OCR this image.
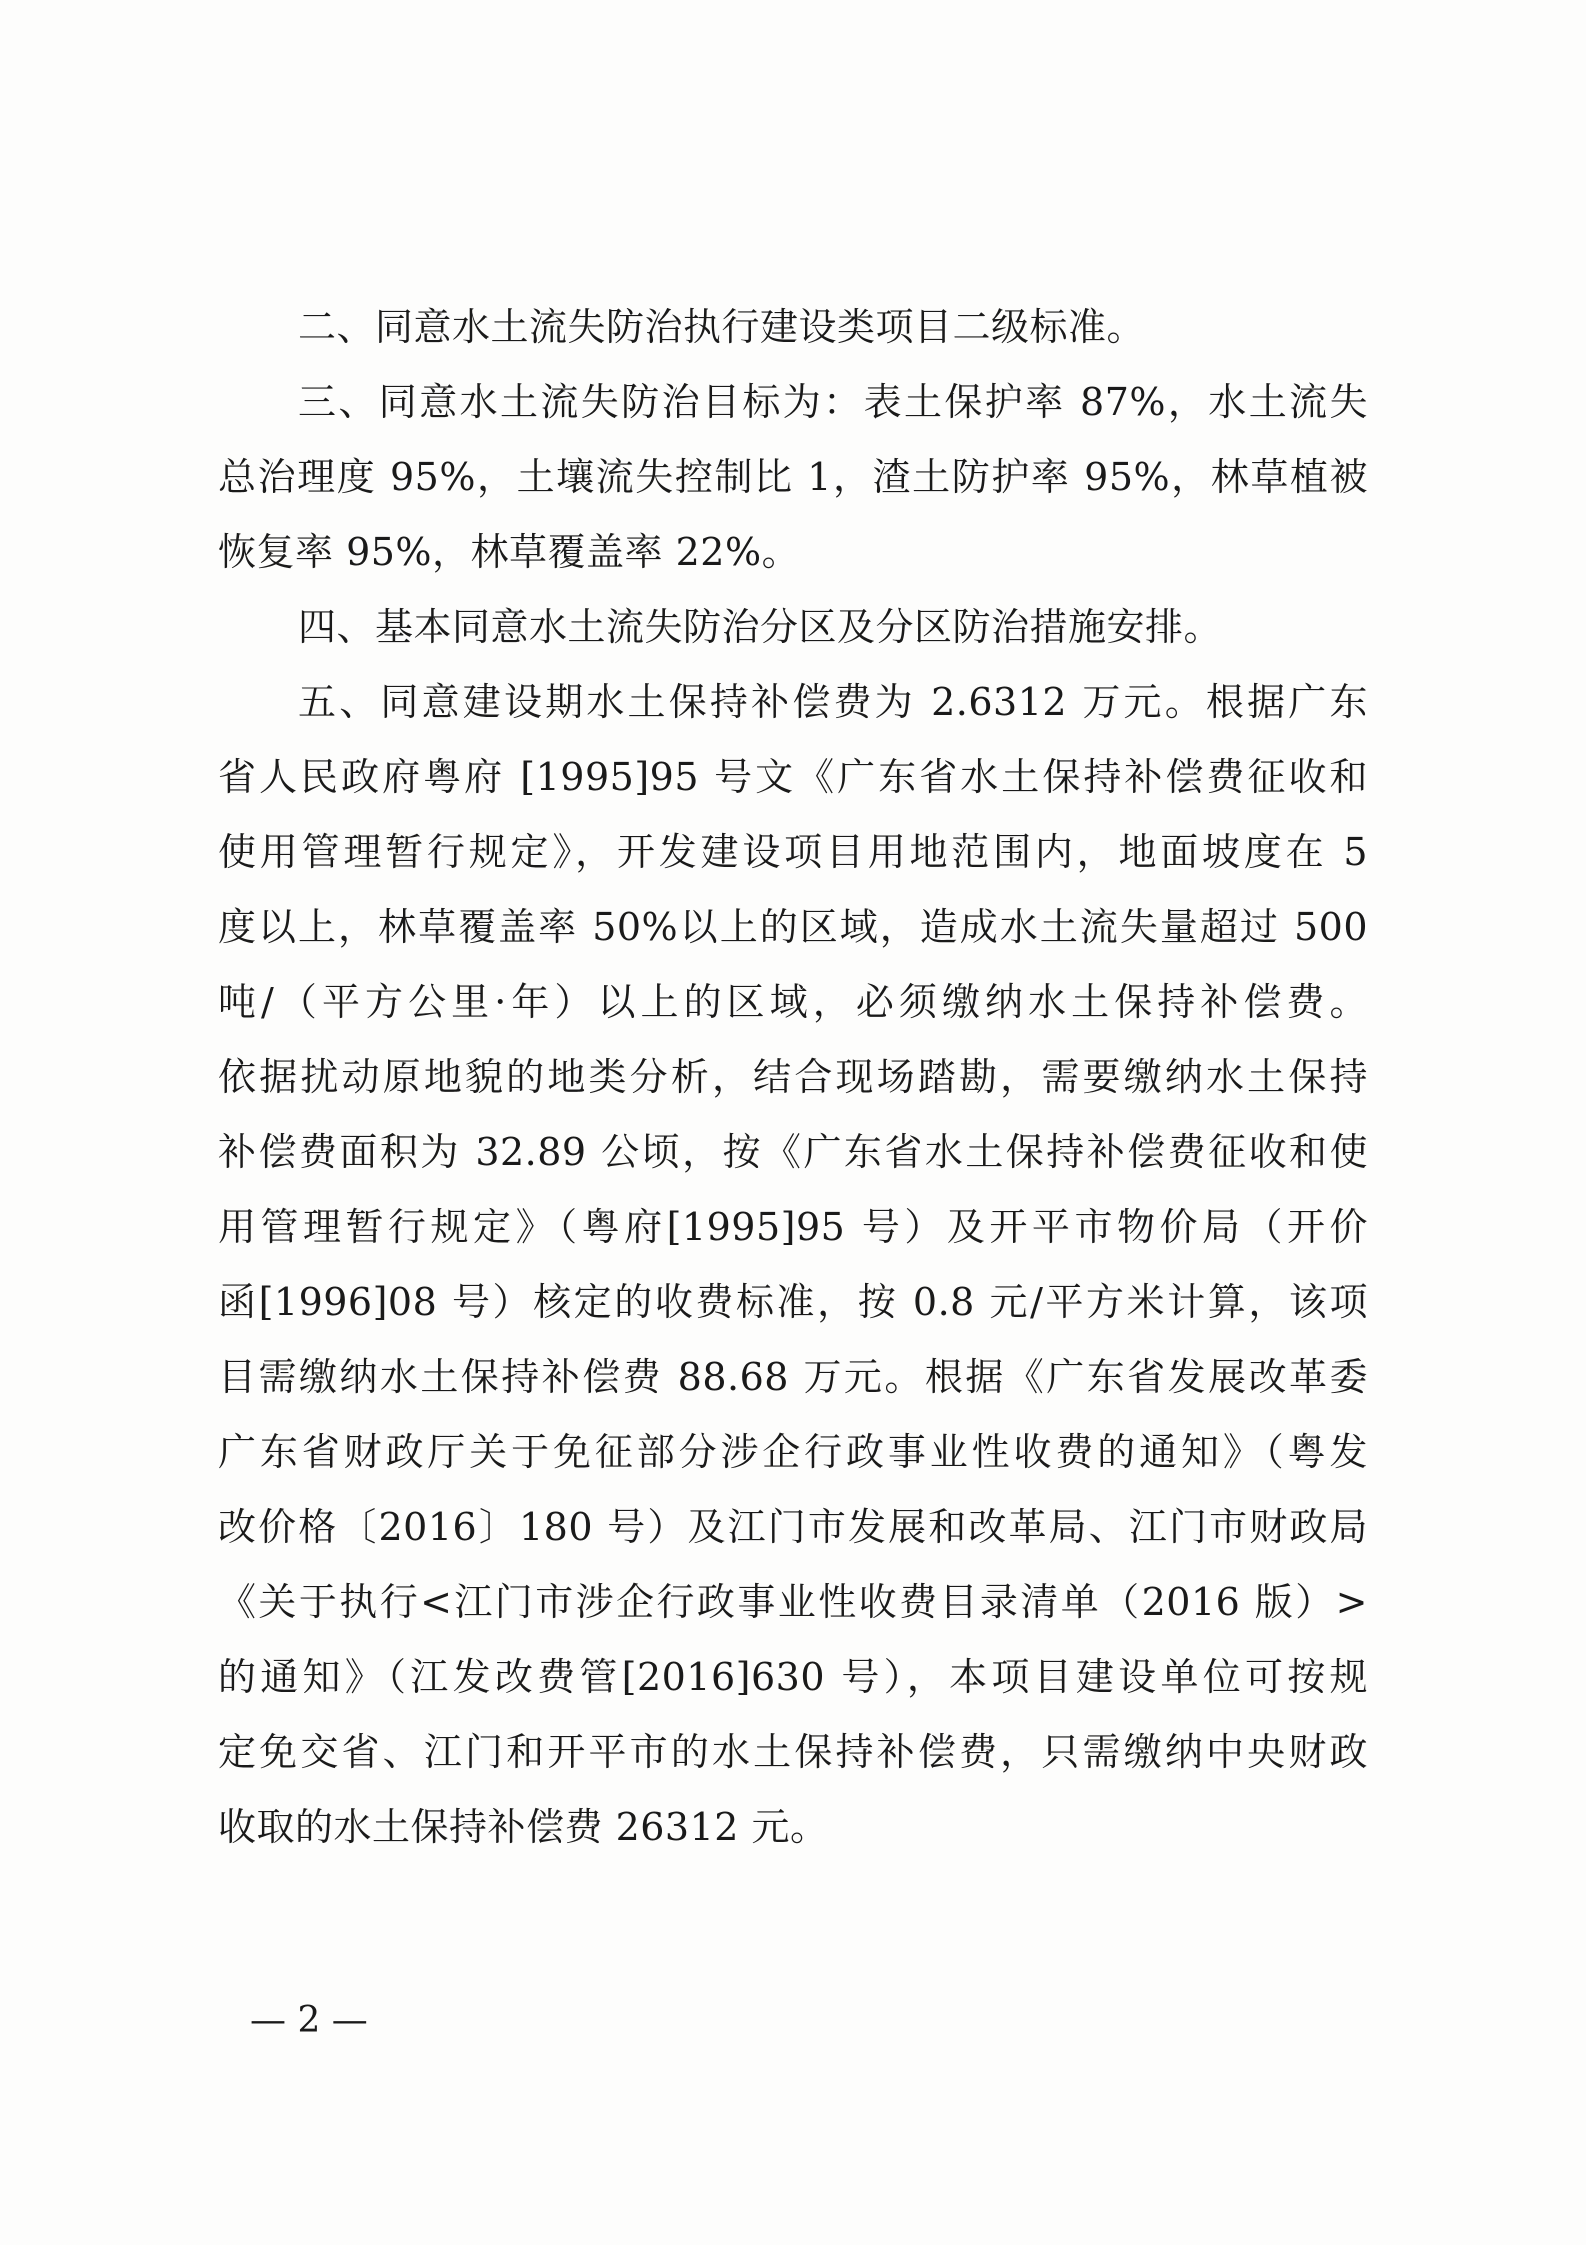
二、同意水土流失防治执行建设类项目二级标准。
三、同意水土流失防治目标为：表土保护率 87%，水土流失
总治理度 95%，土壤流失控制比 1，渣土防护率 95%，林草植被
恢复率 95%，林草覆盖率 22%。
四、基本同意水土流失防治分区及分区防治措施安排。
五、同意建设期水土保持补偿费为 2.6312 万元。根据广东
省人民政府粤府 [1995]95 号文《广东省水土保持补偿费征收和
使用管理暂行规定》，开发建设项目用地范围内，地面坡度在 5
度以上，林草覆盖率 50%以上的区域，造成水土流失量超过 500
吨/（平方公里·年）以上的区域，必须缴纳水土保持补偿费。
依据扰动原地貌的地类分析，结合现场踏勘，需要缴纳水土保持
补偿费面积为 32.89 公顷，按《广东省水土保持补偿费征收和使
用管理暂行规定》（粤府[1995]95 号）及开平市物价局（开价
函[1996]08 号）核定的收费标准，按 0.8 元/平方米计算，该项
目需缴纳水土保持补偿费 88.68 万元。根据《广东省发展改革委
广东省财政厅关于免征部分涉企行政事业性收费的通知》（粤发
改价格〔2016〕180 号）及江门市发展和改革局、江门市财政局
《关于执行<江门市涉企行政事业性收费目录清单（2016 版）>
的通知》（江发改费管[2016]630 号），本项目建设单位可按规
定免交省、江门和开平市的水土保持补偿费，只需缴纳中央财政
收取的水土保持补偿费 26312 元。
— 2 —
